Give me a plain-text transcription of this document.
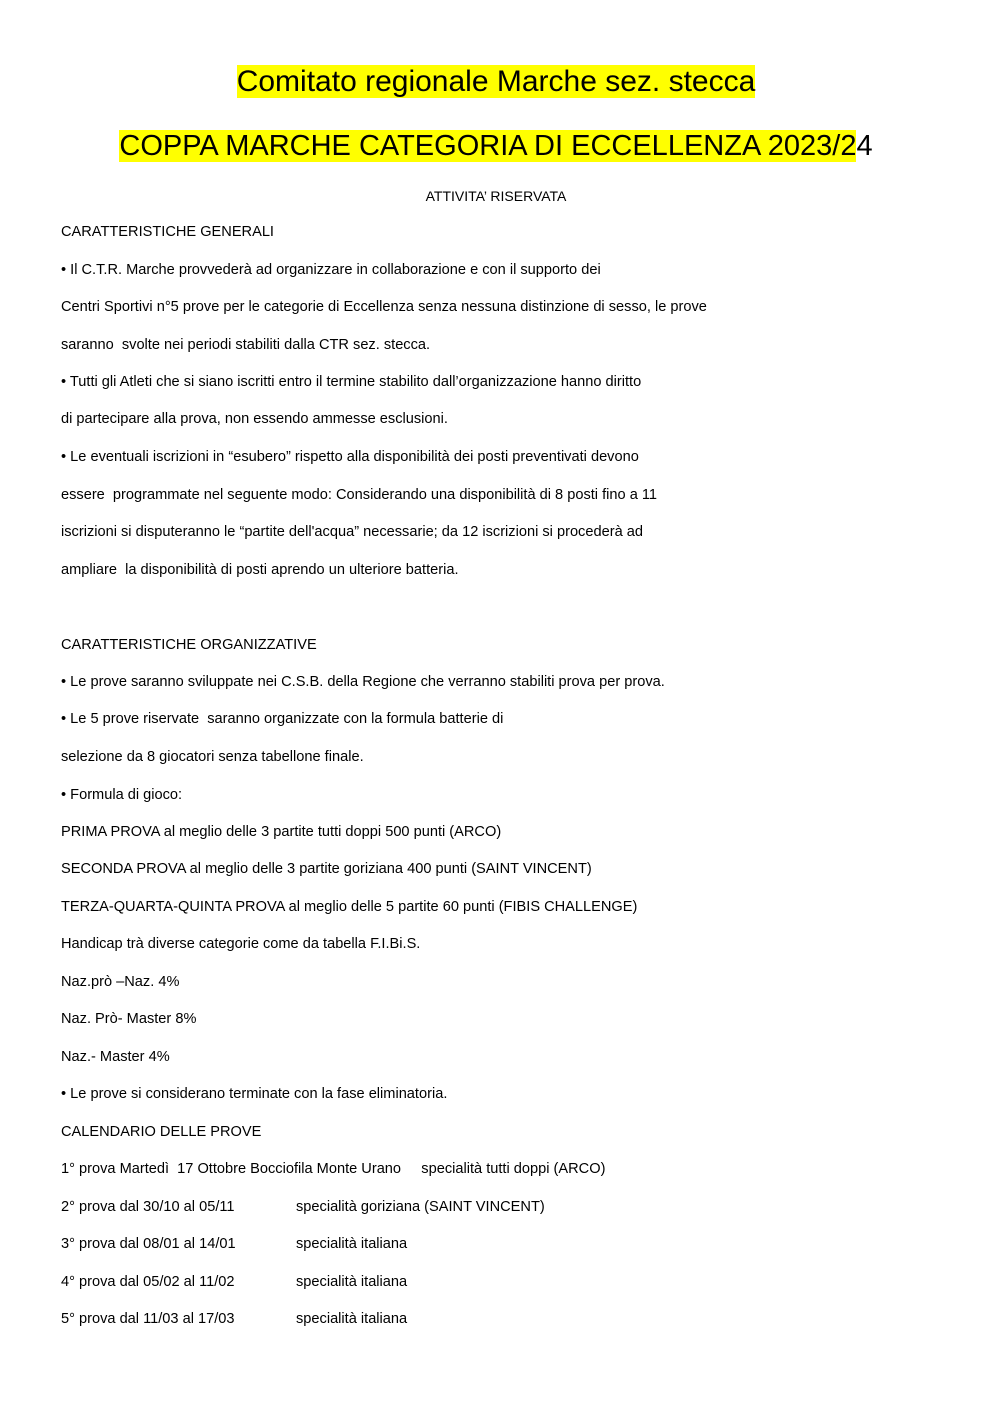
Comitato regionale Marche sez. stecca
COPPA MARCHE CATEGORIA DI ECCELLENZA 2023/24
ATTIVITA’ RISERVATA
CARATTERISTICHE GENERALI
• Il C.T.R. Marche provvederà ad organizzare in collaborazione e con il supporto dei
Centri Sportivi n°5 prove per le categorie di Eccellenza senza nessuna distinzione di sesso, le prove
saranno  svolte nei periodi stabiliti dalla CTR sez. stecca.
• Tutti gli Atleti che si siano iscritti entro il termine stabilito dall’organizzazione hanno diritto
di partecipare alla prova, non essendo ammesse esclusioni.
• Le eventuali iscrizioni in “esubero” rispetto alla disponibilità dei posti preventivati devono
essere  programmate nel seguente modo: Considerando una disponibilità di 8 posti fino a 11
iscrizioni si disputeranno le “partite dell'acqua” necessarie; da 12 iscrizioni si procederà ad
ampliare  la disponibilità di posti aprendo un ulteriore batteria.
CARATTERISTICHE ORGANIZZATIVE
• Le prove saranno sviluppate nei C.S.B. della Regione che verranno stabiliti prova per prova.
• Le 5 prove riservate  saranno organizzate con la formula batterie di
selezione da 8 giocatori senza tabellone finale.
• Formula di gioco:
PRIMA PROVA al meglio delle 3 partite tutti doppi 500 punti (ARCO)
SECONDA PROVA al meglio delle 3 partite goriziana 400 punti (SAINT VINCENT)
TERZA-QUARTA-QUINTA PROVA al meglio delle 5 partite 60 punti (FIBIS CHALLENGE)
Handicap trà diverse categorie come da tabella F.I.Bi.S.
Naz.prò –Naz. 4%
Naz. Prò- Master 8%
Naz.- Master 4%
• Le prove si considerano terminate con la fase eliminatoria.
CALENDARIO DELLE PROVE
1° prova Martedì  17 Ottobre Bocciofila Monte Urano     specialità tutti doppi (ARCO)
2° prova dal 30/10 al 05/11	specialità goriziana (SAINT VINCENT)
3° prova dal 08/01 al 14/01	specialità italiana
4° prova dal 05/02 al 11/02	specialità italiana
5° prova dal 11/03 al 17/03	specialità italiana
